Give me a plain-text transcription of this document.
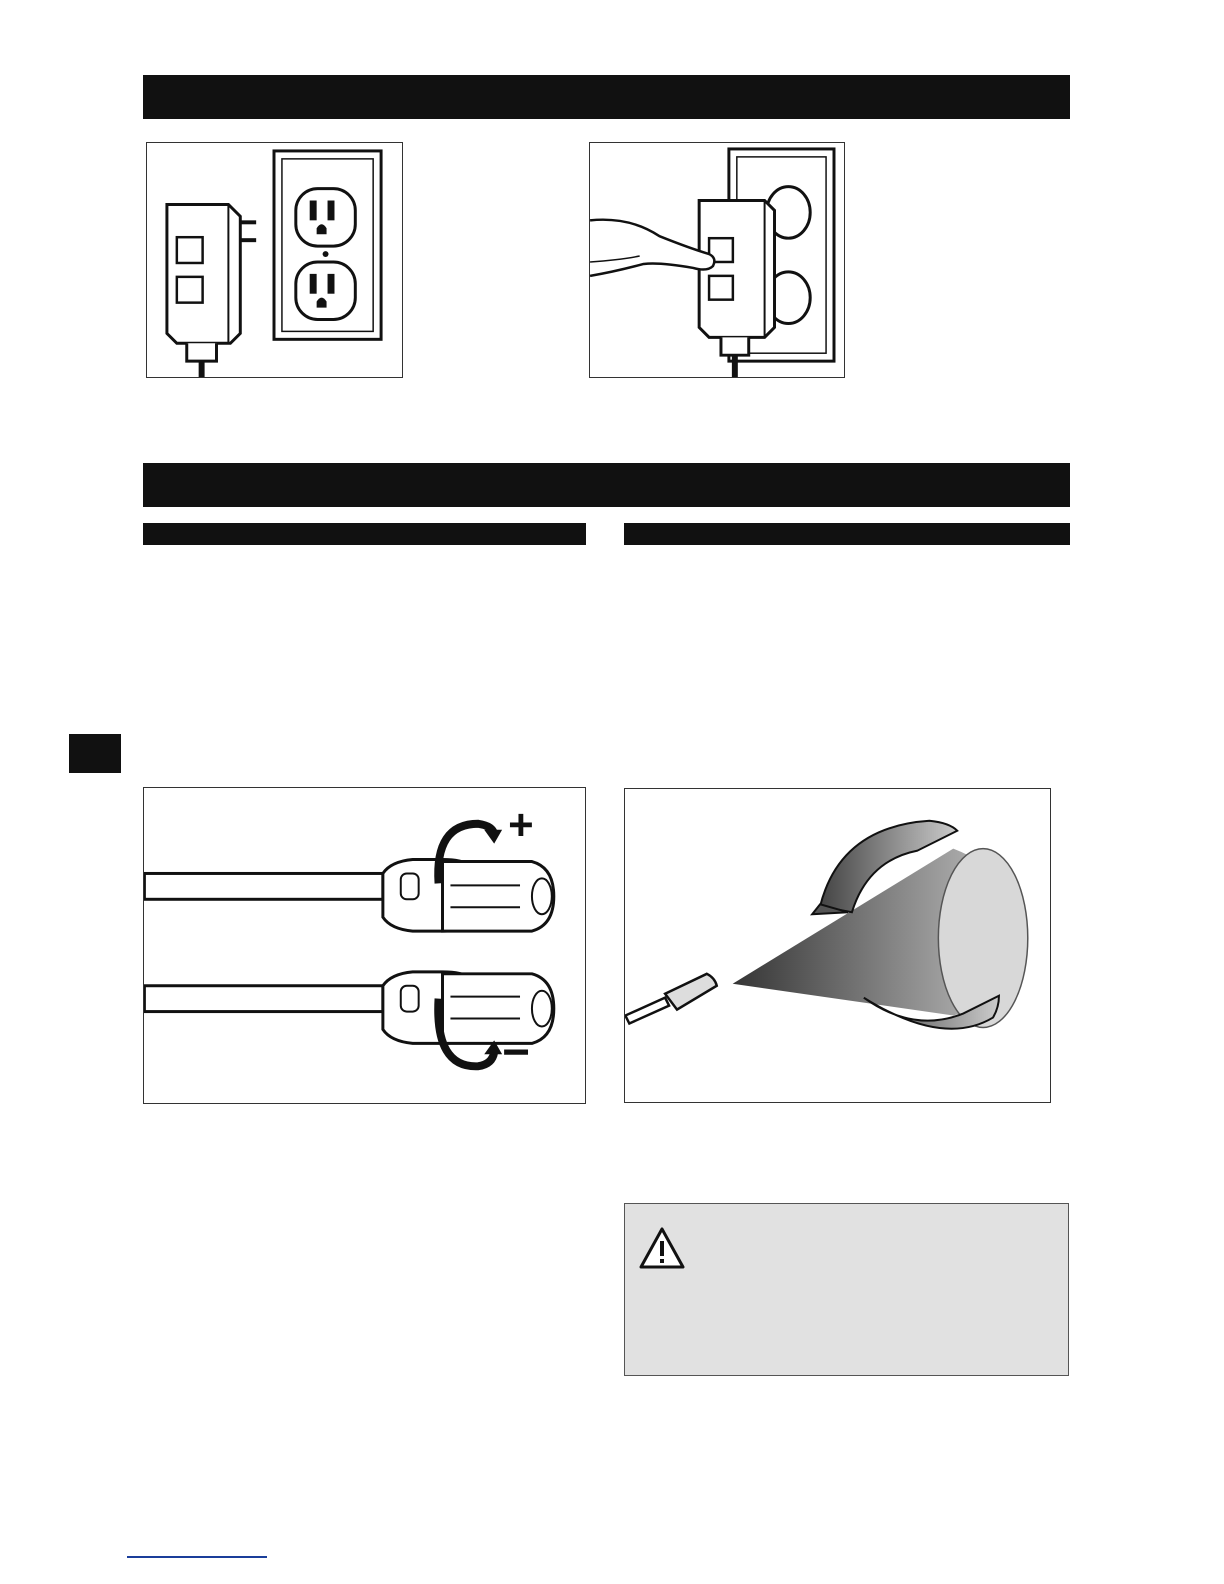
+
−
